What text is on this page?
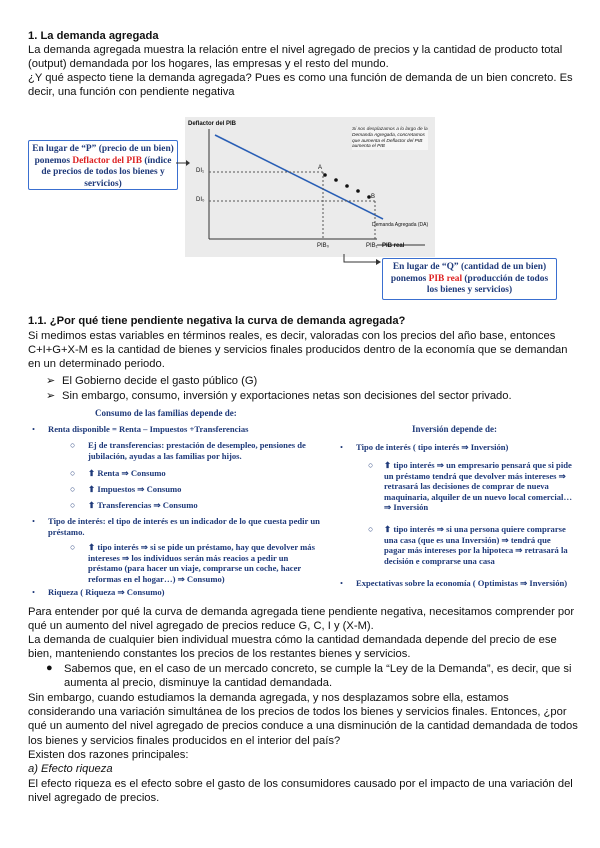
1. La demanda agregada
La demanda agregada muestra la relación entre el nivel agregado de precios y la cantidad de producto total (output) demandada por los hogares, las empresas y el resto del mundo.
¿Y qué aspecto tiene la demanda agregada? Pues es como una función de demanda de un bien concreto. Es decir, una función con pendiente negativa
Deflactor del PIB
DI₁
DI₀
PIB₀	PIB₁ PIB real
Demanda Agregada (DA)
Si nos desplazamos a lo largo de la Demanda Agregada, concretamos que aumenta el Deflactor del PIB aumenta el PIB
A
B
En lugar de “P” (precio de un bien) ponemos Deflactor del PIB (índice de precios de todos los bienes y servicios)
En lugar de “Q” (cantidad de un bien) ponemos PIB real (producción de todos los bienes y servicios)
1.1. ¿Por qué tiene pendiente negativa la curva de demanda agregada?
Si medimos estas variables en términos reales, es decir, valoradas con los precios del año base, entonces C+I+G+X-M es la cantidad de bienes y servicios finales producidos dentro de la economía que se demandan en un determinado periodo.
➢ El Gobierno decide el gasto público (G)
➢ Sin embargo, consumo, inversión y exportaciones netas son decisiones del sector privado.
Consumo de las familias depende de:
• Renta disponible = Renta – Impuestos +Transferencias
○ Ej de transferencias: prestación de desempleo, pensiones de jubilación, ayudas a las familias por hijos.
○ ⬆ Renta ⇒ Consumo
○ ⬆ Impuestos ⇒ Consumo
○ ⬆ Transferencias ⇒ Consumo
• Tipo de interés: el tipo de interés es un indicador de lo que cuesta pedir un préstamo.
○ ⬆ tipo interés ⇒ si se pide un préstamo, hay que devolver más intereses ⇒ los individuos serán más reacios a pedir un préstamo (para hacer un viaje, comprarse un coche, hacer reformas en el hogar…) ⇒ Consumo)
• Riqueza ( Riqueza ⇒ Consumo)
Inversión depende de:
• Tipo de interés ( tipo interés ⇒ Inversión)
○ ⬆ tipo interés ⇒ un empresario pensará que si pide un préstamo tendrá que devolver más intereses ⇒ retrasará las decisiones de comprar de nueva maquinaria, alquiler de un nuevo local comercial… ⇒ Inversión
○ ⬆ tipo interés ⇒ si una persona quiere comprarse una casa (que es una Inversión) ⇒ tendrá que pagar más intereses por la hipoteca ⇒ retrasará la decisión e comprarse una casa
• Expectativas sobre la economía ( Optimistas ⇒ Inversión)
Para entender por qué la curva de demanda agregada tiene pendiente negativa, necesitamos comprender por qué un aumento del nivel agregado de precios reduce G, C, I y (X-M).
La demanda de cualquier bien individual muestra cómo la cantidad demandada depende del precio de ese bien, manteniendo constantes los precios de los restantes bienes y servicios.
● Sabemos que, en el caso de un mercado concreto, se cumple la “Ley de la Demanda”, es decir, que si aumenta al precio, disminuye la cantidad demandada.
Sin embargo, cuando estudiamos la demanda agregada, y nos desplazamos sobre ella, estamos considerando una variación simultánea de los precios de todos los bienes y servicios finales. Entonces, ¿por qué un aumento del nivel agregado de precios conduce a una disminución de la cantidad demandada de todos los bienes y servicios finales producidos en el interior del país?
Existen dos razones principales:
a) Efecto riqueza
El efecto riqueza es el efecto sobre el gasto de los consumidores causado por el impacto de una variación del nivel agregado de precios.
